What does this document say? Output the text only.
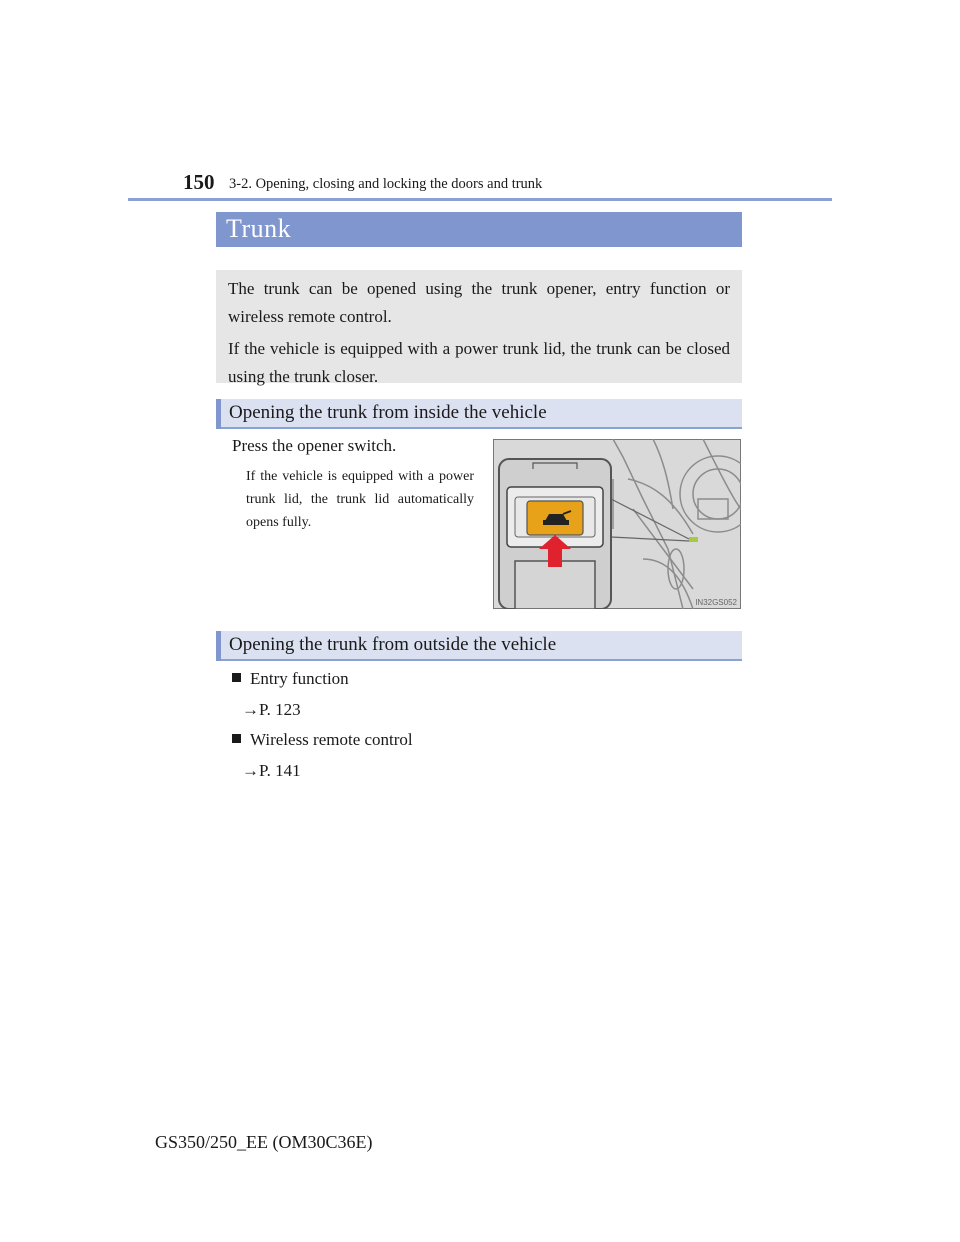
150 3-2. Opening, closing and locking the doors and trunk
Trunk

The trunk can be opened using the trunk opener, entry function or wireless remote control.

If the vehicle is equipped with a power trunk lid, the trunk can be closed using the trunk closer.

Opening the trunk from inside the vehicle
Press the opener switch.
If the vehicle is equipped with a power trunk lid, the trunk lid automatically opens fully.
IN32GS052
Opening the trunk from outside the vehicle
Entry function
→P. 123
Wireless remote control
→P. 141
GS350/250_EE (OM30C36E)
